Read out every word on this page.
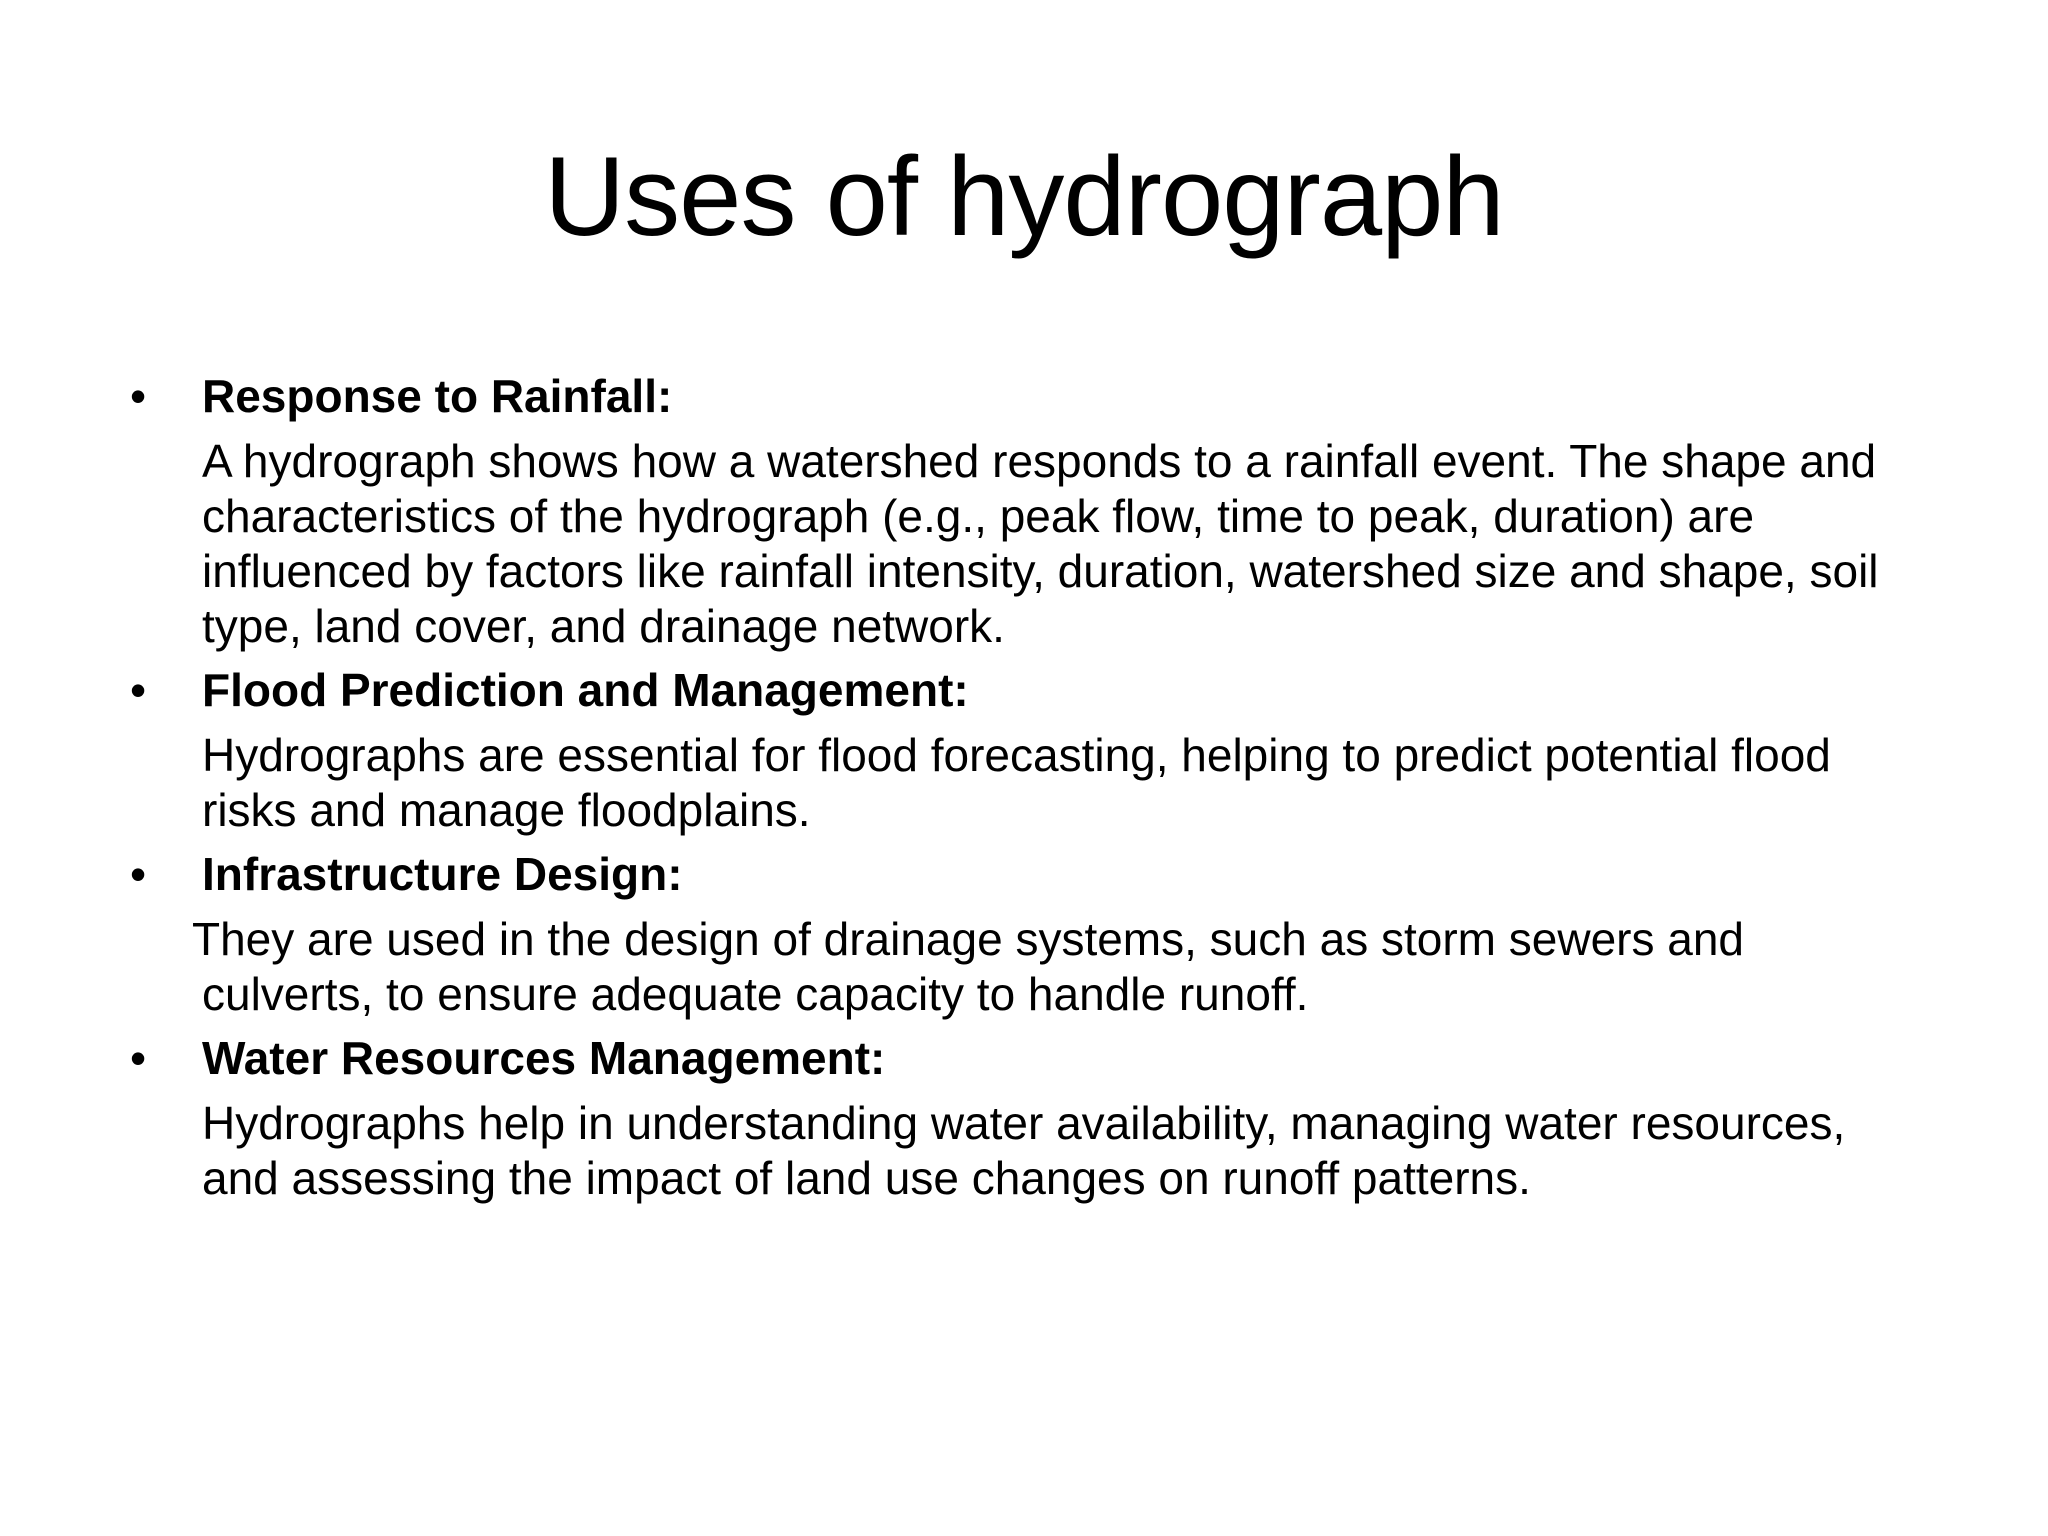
Uses of hydrograph
•	Response to Rainfall:
A hydrograph shows how a watershed responds to a rainfall event. The shape and characteristics of the hydrograph (e.g., peak flow, time to peak, duration) are influenced by factors like rainfall intensity, duration, watershed size and shape, soil type, land cover, and drainage network.
•	Flood Prediction and Management:
Hydrographs are essential for flood forecasting, helping to predict potential flood risks and manage floodplains.
•	Infrastructure Design:
They are used in the design of drainage systems, such as storm sewers and culverts, to ensure adequate capacity to handle runoff.
•	Water Resources Management:
Hydrographs help in understanding water availability, managing water resources, and assessing the impact of land use changes on runoff patterns.
